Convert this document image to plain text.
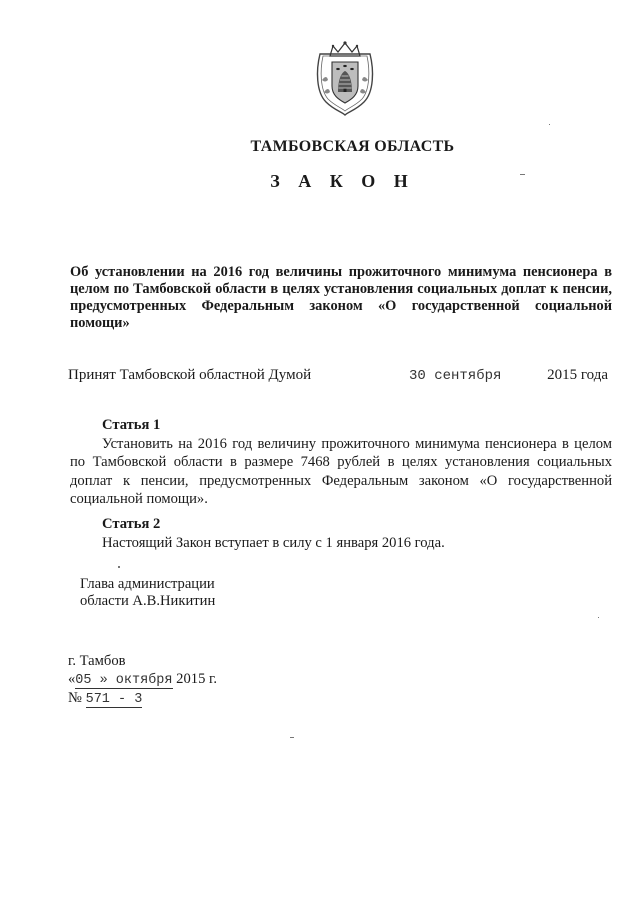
ТАМБОВСКАЯ ОБЛАСТЬ
З А К О Н
Об установлении на 2016 год величины прожиточного минимума пенсионера в целом по Тамбовской области в целях установления социальных доплат к пенсии, предусмотренных Федеральным законом «О государственной социальной помощи»
Принят Тамбовской областной Думой	30 сентября	2015 года
Статья 1
Установить на 2016 год величину прожиточного минимума пенсионера в целом по Тамбовской области в размере 7468 рублей в целях установления социальных доплат к пенсии, предусмотренных Федеральным законом «О государственной социальной помощи».
Статья 2
Настоящий Закон вступает в силу с 1 января 2016 года.
Глава администрации
области А.В.Никитин
г. Тамбов
«05 » октября 2015 г.
№ 571 - 3
